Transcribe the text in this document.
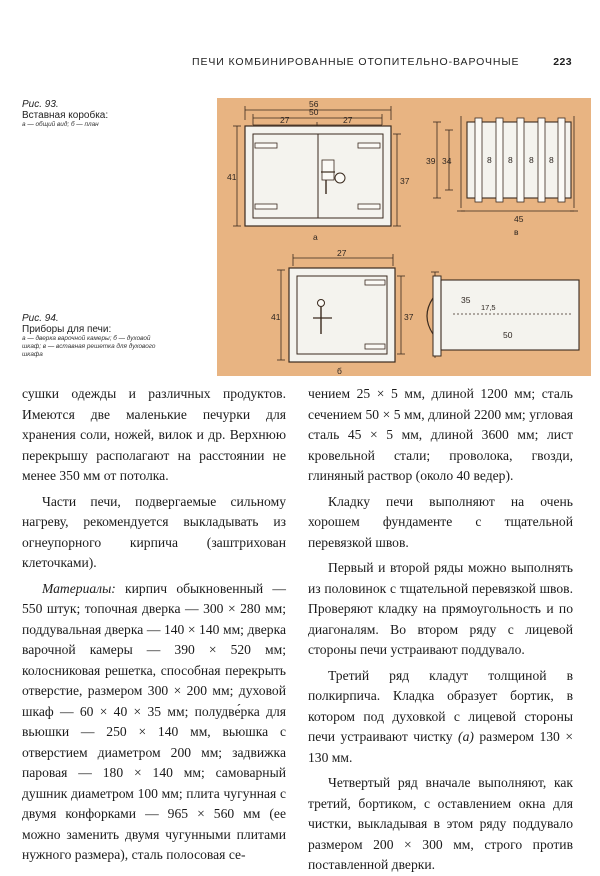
ПЕЧИ КОМБИНИРОВАННЫЕ ОТОПИТЕЛЬНО-ВАРОЧНЫЕ	223
Рис. 93.
Вставная коробка:
а — общий вид; б — план
Рис. 94.
Приборы для печи:
а — дверка варочной камеры; б — духовой
шкаф; в — вставная решетка для духового
шкафа
56
50
27	27
41	37
а
39 34	8 8 8 8
45
в
27
41	37
б
35
17,5
50

сушки одежды и различных продуктов. Имеются две маленькие печурки для хранения соли, ножей, вилок и др. Верхнюю перекрышу располагают на расстоянии не менее 350 мм от потолка.

Части печи, подвергаемые сильному нагреву, рекомендуется выкладывать из огнеупорного кирпича (заштрихован клеточками).

Материалы: кирпич обыкновенный — 550 штук; топочная дверка — 300 × 280 мм; поддувальная дверка — 140 × 140 мм; дверка варочной камеры — 390 × 520 мм; колосниковая решетка, способная перекрыть отверстие, размером 300 × 200 мм; духовой шкаф — 60 × 40 × 35 мм; полудве́рка для вьюшки — 250 × 140 мм, вьюшка с отверстием диаметром 200 мм; задвижка паровая — 180 × 140 мм; самоварный душник диаметром 100 мм; плита чугунная с двумя конфорками — 965 × 560 мм (ее можно заменить двумя чугунными плитами нужного размера), сталь полосовая се-

чением 25 × 5 мм, длиной 1200 мм; сталь сечением 50 × 5 мм, длиной 2200 мм; угловая сталь 45 × 5 мм, длиной 3600 мм; лист кровельной стали; проволока, гвозди, глиняный раствор (около 40 ведер).

Кладку печи выполняют на очень хорошем фундаменте с тщательной перевязкой швов.

Первый и второй ряды можно выполнять из половинок с тщательной перевязкой швов. Проверяют кладку на прямоугольность и по диагоналям. Во втором ряду с лицевой стороны печи устраивают поддувало.

Третий ряд кладут толщиной в полкирпича. Кладка образует бортик, в котором под духовкой с лицевой стороны печи устраивают чистку (а) размером 130 × 130 мм.

Четвертый ряд вначале выполняют, как третий, бортиком, с оставлением окна для чистки, выкладывая в этом ряду поддувало размером 200 × 300 мм, строго против поставленной дверки.
